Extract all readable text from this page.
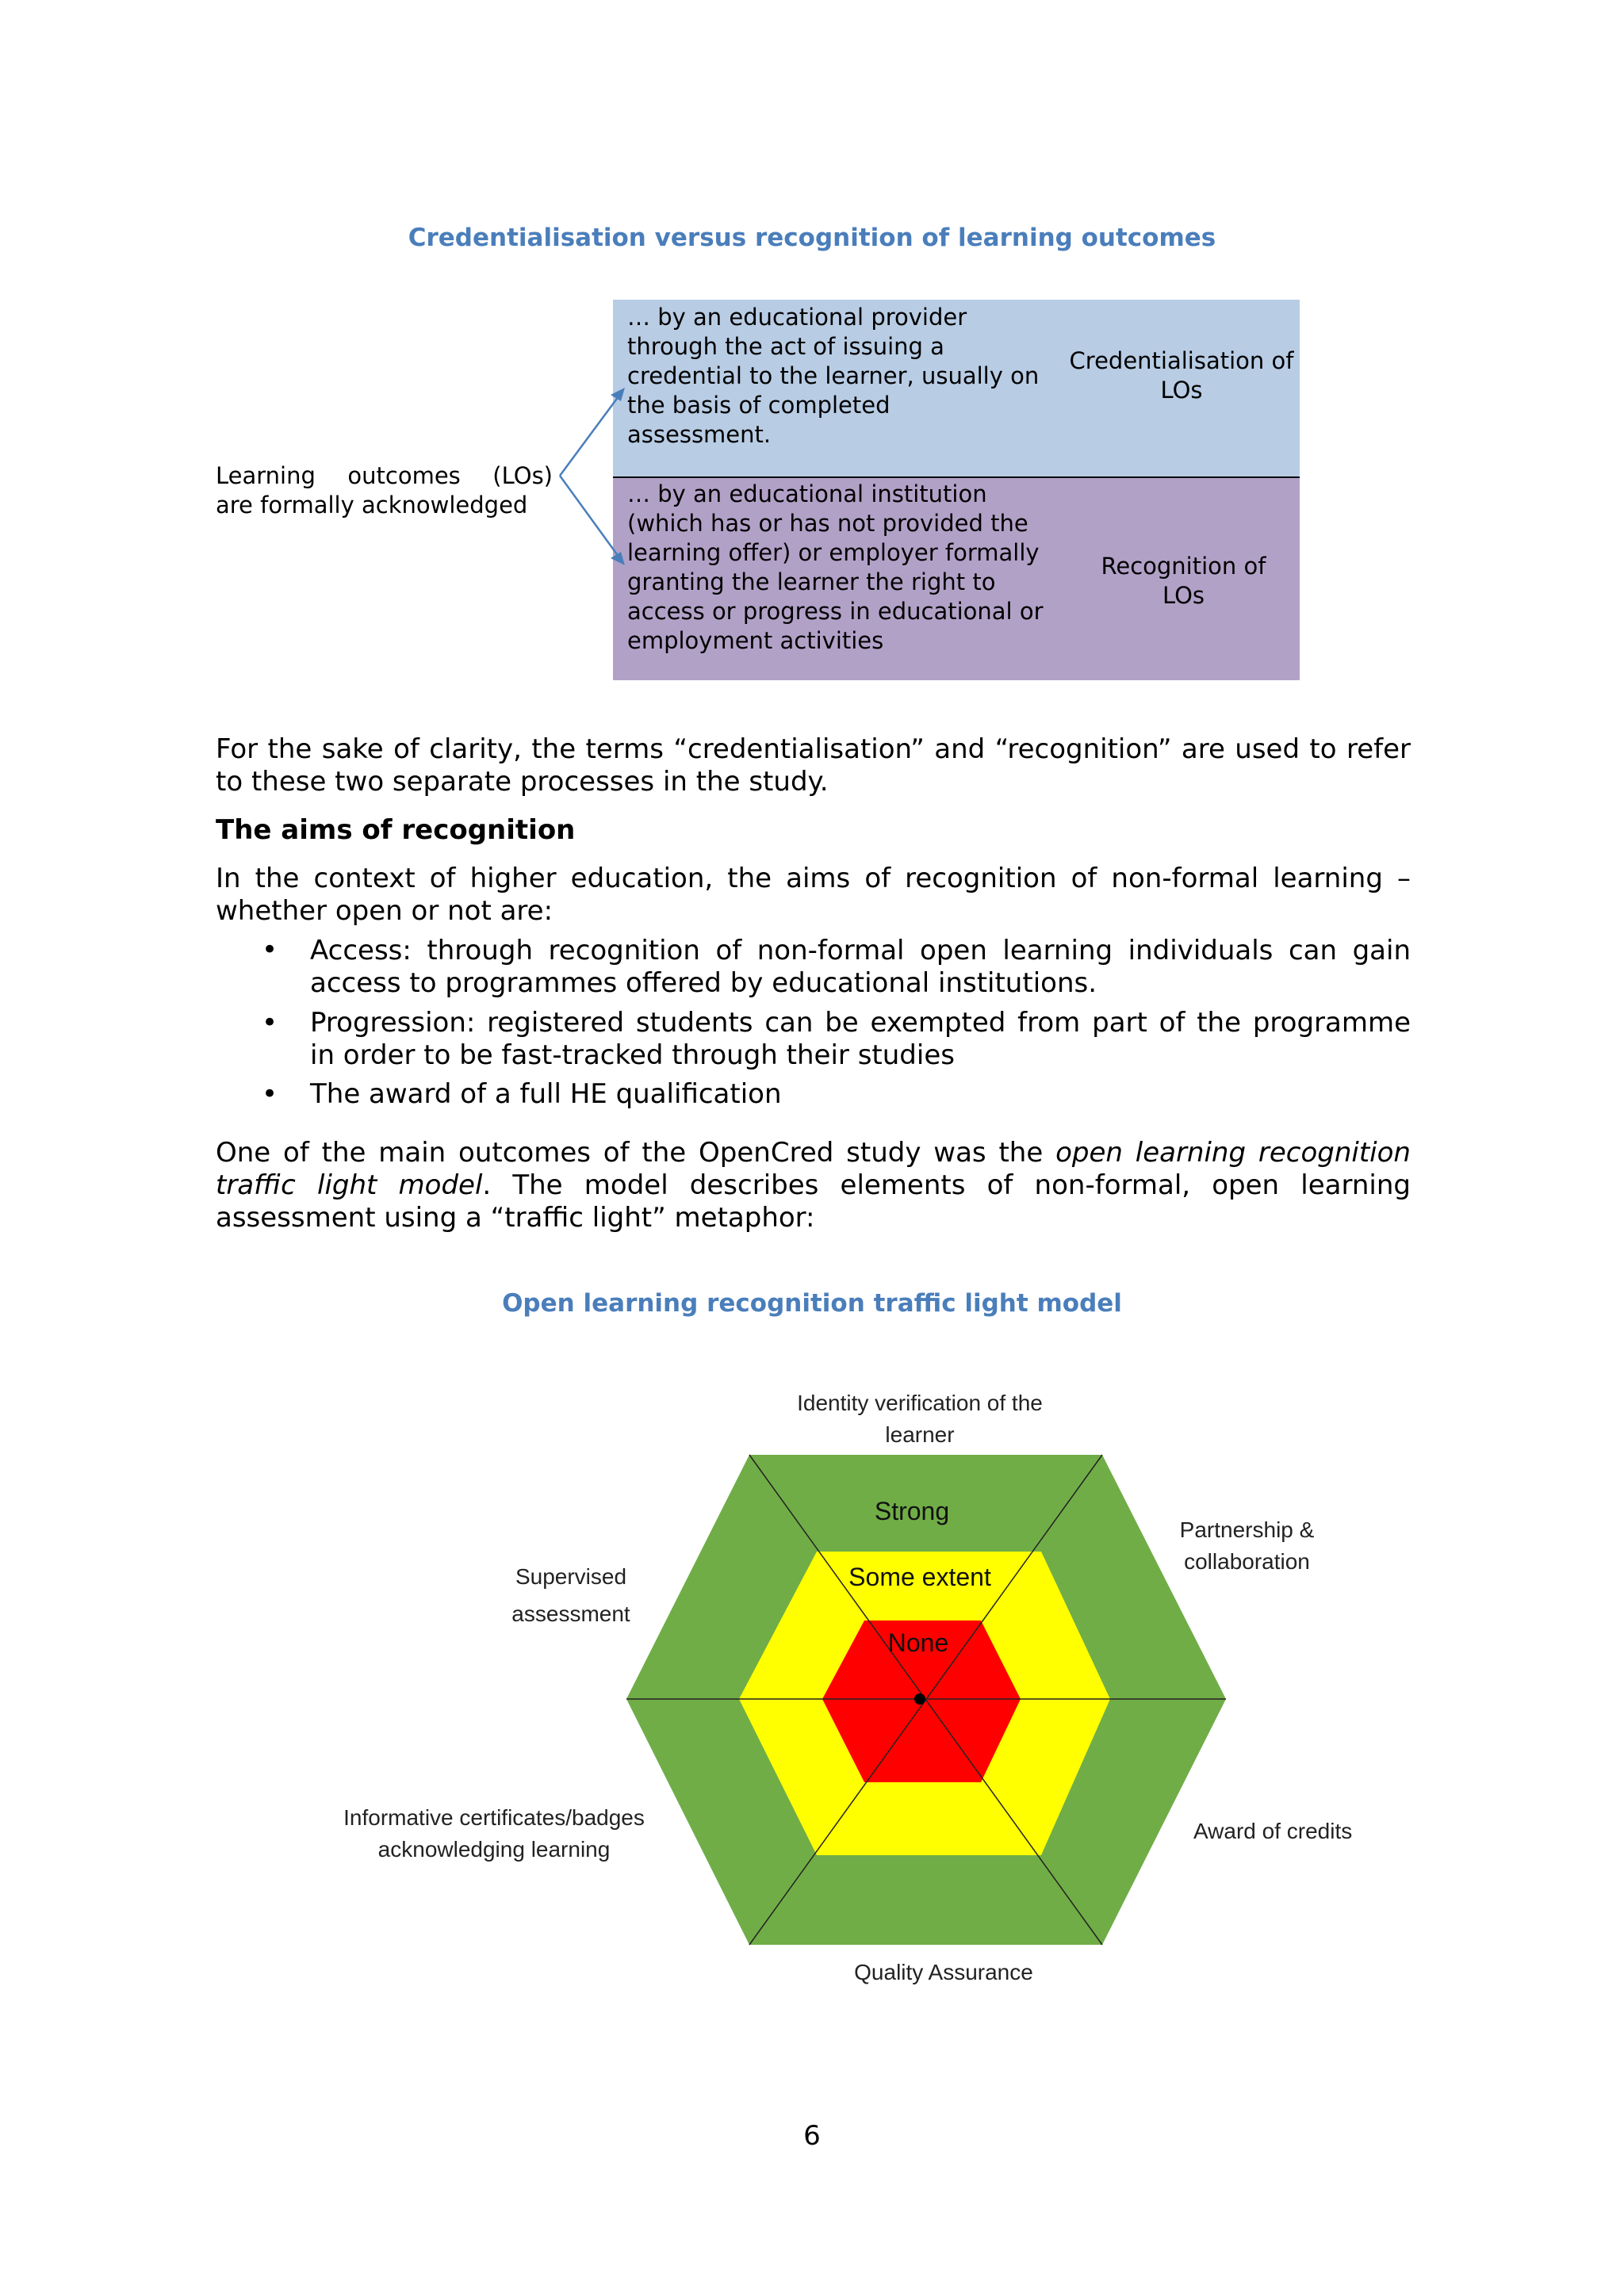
Credentialisation versus recognition of learning outcomes
Learning outcomes (LOs)
are formally acknowledged
… by an educational provider through the act of issuing a credential to the learner, usually on the basis of completed assessment.
Credentialisation of LOs
… by an educational institution (which has or has not provided the learning offer) or employer formally granting the learner the right to access or progress in educational or employment activities
Recognition of LOs
For the sake of clarity, the terms “credentialisation” and “recognition” are used to refer to these two separate processes in the study.
The aims of recognition
In the context of higher education, the aims of recognition of non-formal learning – whether open or not are:
• Access: through recognition of non-formal open learning individuals can gain access to programmes offered by educational institutions.
• Progression: registered students can be exempted from part of the programme in order to be fast-tracked through their studies
• The award of a full HE qualification
One of the main outcomes of the OpenCred study was the open learning recognition traffic light model. The model describes elements of non-formal, open learning assessment using a “traffic light” metaphor:
Open learning recognition traffic light model
Strong
Some extent
None
Identity verification of the learner
Partnership & collaboration
Award of credits
Quality Assurance
Informative certificates/badges acknowledging learning
Supervised assessment
6
